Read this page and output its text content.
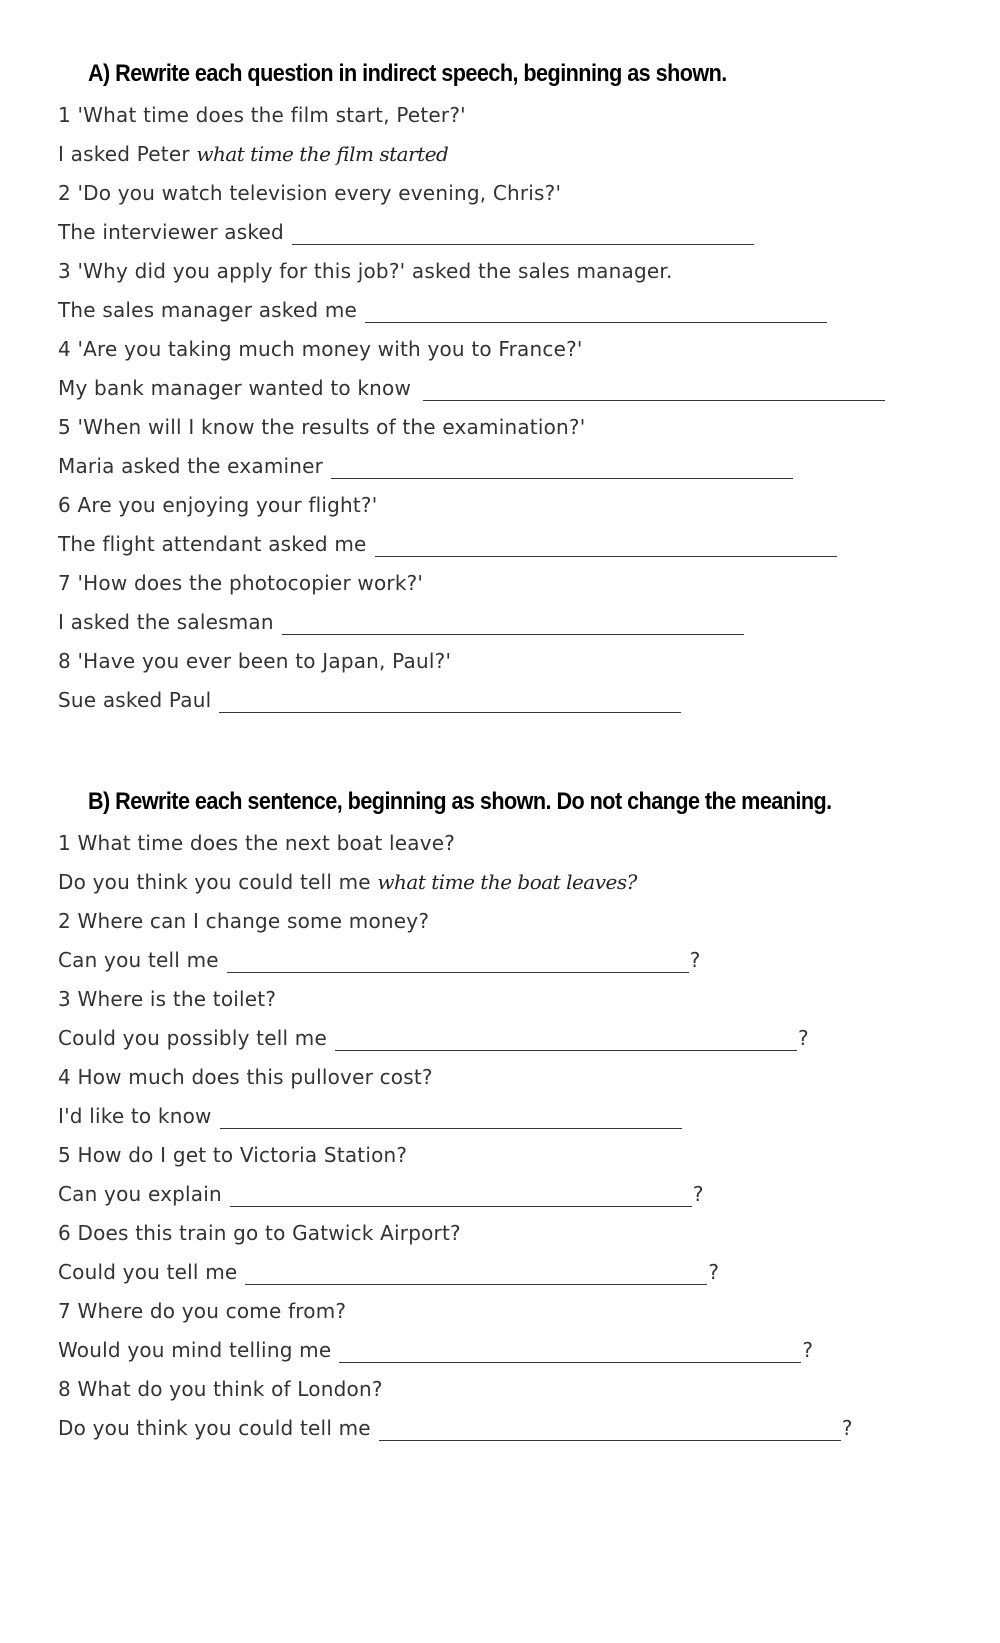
A) Rewrite each question in indirect speech, beginning as shown.
1 'What time does the film start, Peter?'
I asked Peter what time the film started
2 'Do you watch television every evening, Chris?'
The interviewer asked
3 'Why did you apply for this job?' asked the sales manager.
The sales manager asked me
4 'Are you taking much money with you to France?'
My bank manager wanted to know
5 'When will I know the results of the examination?'
Maria asked the examiner
6 Are you enjoying your flight?'
The flight attendant asked me
7 'How does the photocopier work?'
I asked the salesman
8 'Have you ever been to Japan, Paul?'
Sue asked Paul
B) Rewrite each sentence, beginning as shown. Do not change the meaning.
1 What time does the next boat leave?
Do you think you could tell me what time the boat leaves?
2 Where can I change some money?
Can you tell me	?
3 Where is the toilet?
Could you possibly tell me	?
4 How much does this pullover cost?
I'd like to know
5 How do I get to Victoria Station?
Can you explain	?
6 Does this train go to Gatwick Airport?
Could you tell me	?
7 Where do you come from?
Would you mind telling me	?
8 What do you think of London?
Do you think you could tell me	?
